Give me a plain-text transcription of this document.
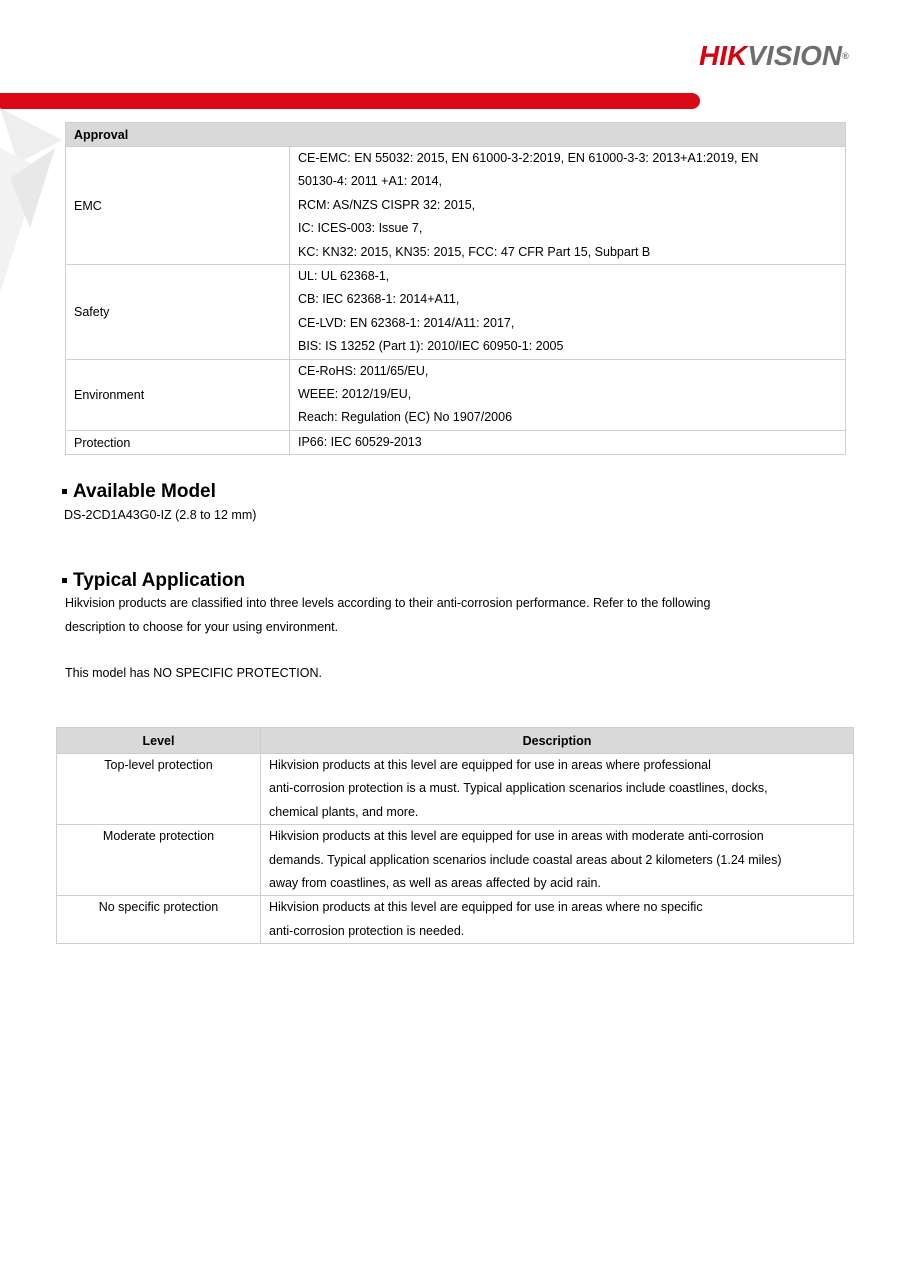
HIKVISION®
Approval	
EMC	CE-EMC: EN 55032: 2015, EN 61000-3-2:2019, EN 61000-3-3: 2013+A1:2019, EN
50130-4: 2011 +A1: 2014,
RCM: AS/NZS CISPR 32: 2015,
IC: ICES-003: Issue 7,
KC: KN32: 2015, KN35: 2015, FCC: 47 CFR Part 15, Subpart B

Safety	UL: UL 62368-1,
CB: IEC 62368-1: 2014+A11,
CE-LVD: EN 62368-1: 2014/A11: 2017,
BIS: IS 13252 (Part 1): 2010/IEC 60950-1: 2005

Environment	CE-RoHS: 2011/65/EU,
WEEE: 2012/19/EU,
Reach: Regulation (EC) No 1907/2006

Protection	IP66: IEC 60529-2013
Available Model
DS-2CD1A43G0-IZ (2.8 to 12 mm)
Typical Application
Hikvision products are classified into three levels according to their anti-corrosion performance. Refer to the following
description to choose for your using environment.
This model has NO SPECIFIC PROTECTION.
Level	Description
Top-level protection	Hikvision products at this level are equipped for use in areas where professional
anti-corrosion protection is a must. Typical application scenarios include coastlines, docks,
chemical plants, and more.

Moderate protection	Hikvision products at this level are equipped for use in areas with moderate anti-corrosion
demands. Typical application scenarios include coastal areas about 2 kilometers (1.24 miles)
away from coastlines, as well as areas affected by acid rain.

No specific protection	Hikvision products at this level are equipped for use in areas where no specific
anti-corrosion protection is needed.
